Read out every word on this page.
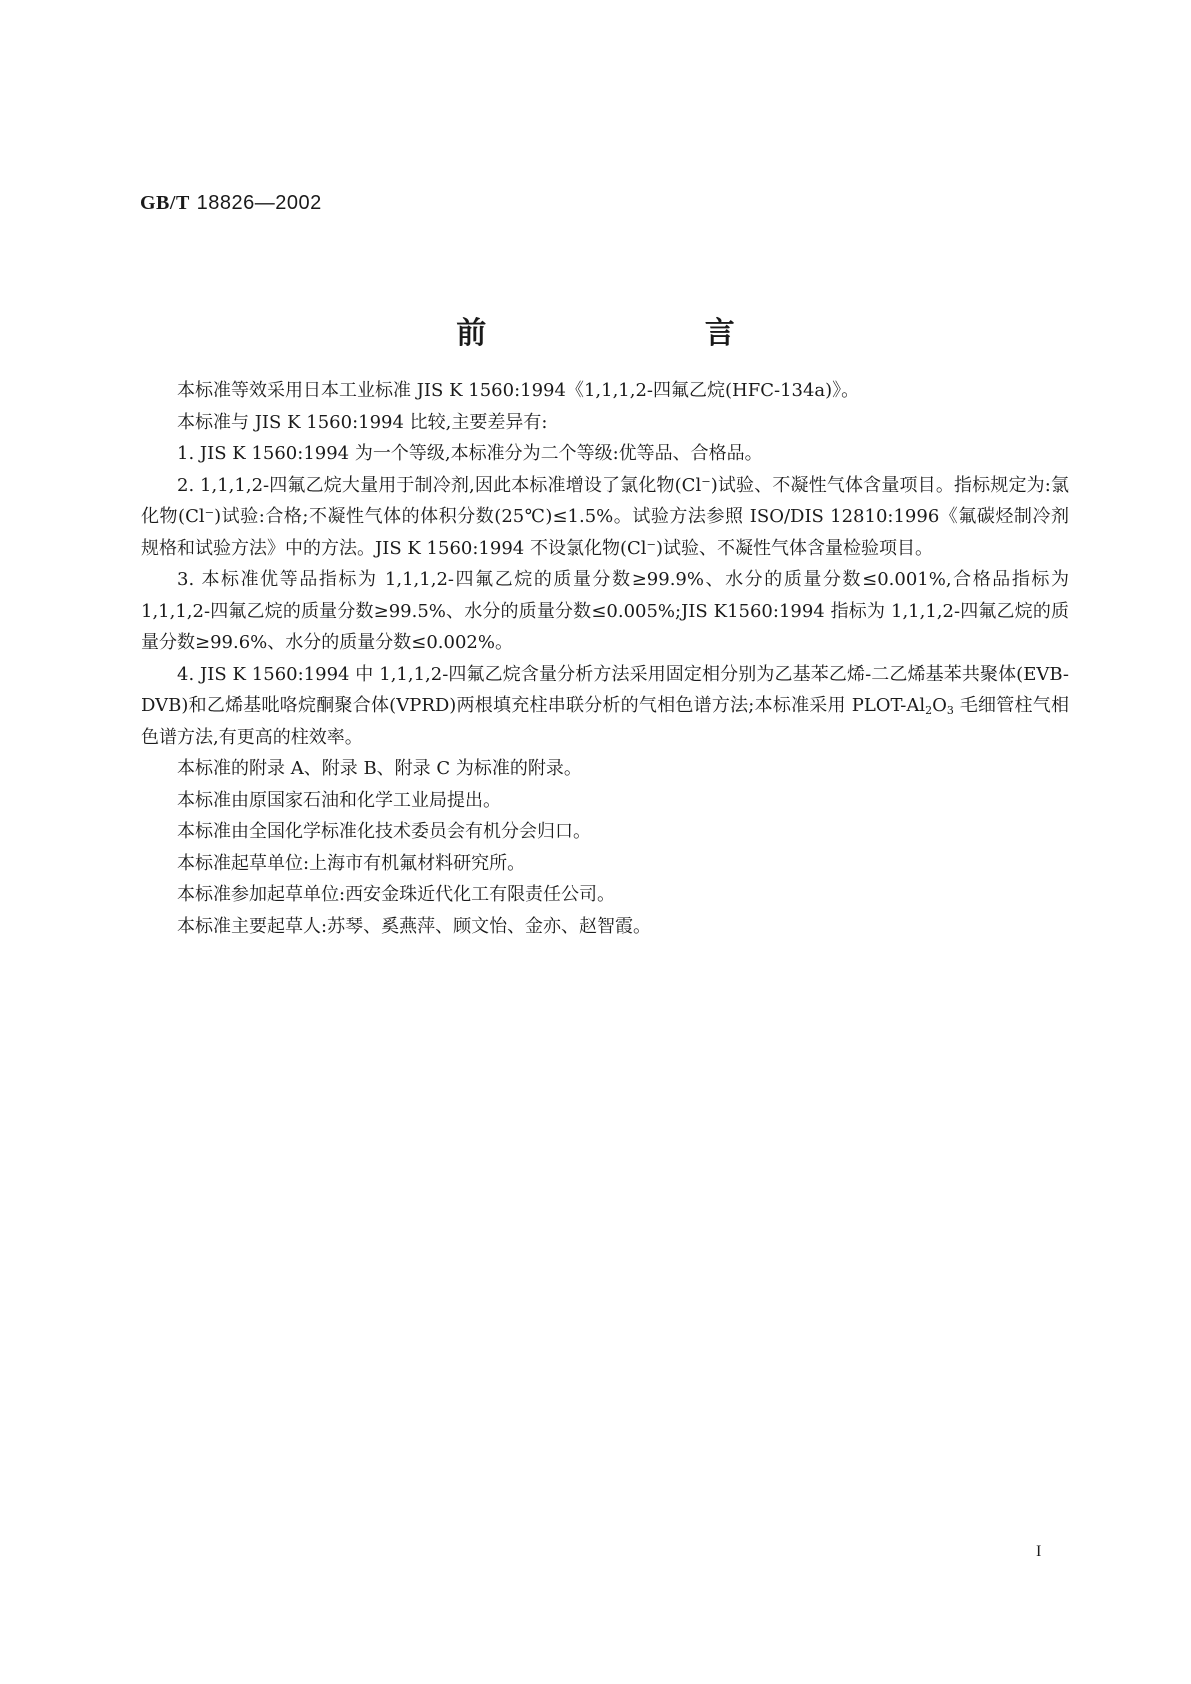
GB/T 18826—2002
前 言

本标准等效采用日本工业标准 JIS K 1560:1994《1,1,1,2-四氟乙烷(HFC-134a)》。

本标准与 JIS K 1560:1994 比较,主要差异有:

1. JIS K 1560:1994 为一个等级,本标准分为二个等级:优等品、合格品。

2. 1,1,1,2-四氟乙烷大量用于制冷剂,因此本标准增设了氯化物(Cl⁻)试验、不凝性气体含量项目。指标规定为:氯化物(Cl⁻)试验:合格;不凝性气体的体积分数(25℃)≤1.5%。试验方法参照 ISO/DIS 12810:1996《氟碳烃制冷剂 规格和试验方法》中的方法。JIS K 1560:1994 不设氯化物(Cl⁻)试验、不凝性气体含量检验项目。

3. 本标准优等品指标为 1,1,1,2-四氟乙烷的质量分数≥99.9%、水分的质量分数≤0.001%,合格品指标为 1,1,1,2-四氟乙烷的质量分数≥99.5%、水分的质量分数≤0.005%;JIS K1560:1994 指标为 1,1,1,2-四氟乙烷的质量分数≥99.6%、水分的质量分数≤0.002%。

4. JIS K 1560:1994 中 1,1,1,2-四氟乙烷含量分析方法采用固定相分别为乙基苯乙烯-二乙烯基苯共聚体(EVB-DVB)和乙烯基吡咯烷酮聚合体(VPRD)两根填充柱串联分析的气相色谱方法;本标准采用 PLOT-$Al_2O_3$ 毛细管柱气相色谱方法,有更高的柱效率。

本标准的附录 A、附录 B、附录 C 为标准的附录。

本标准由原国家石油和化学工业局提出。

本标准由全国化学标准化技术委员会有机分会归口。

本标准起草单位:上海市有机氟材料研究所。

本标准参加起草单位:西安金珠近代化工有限责任公司。

本标准主要起草人:苏琴、奚燕萍、顾文怡、金亦、赵智霞。

I
